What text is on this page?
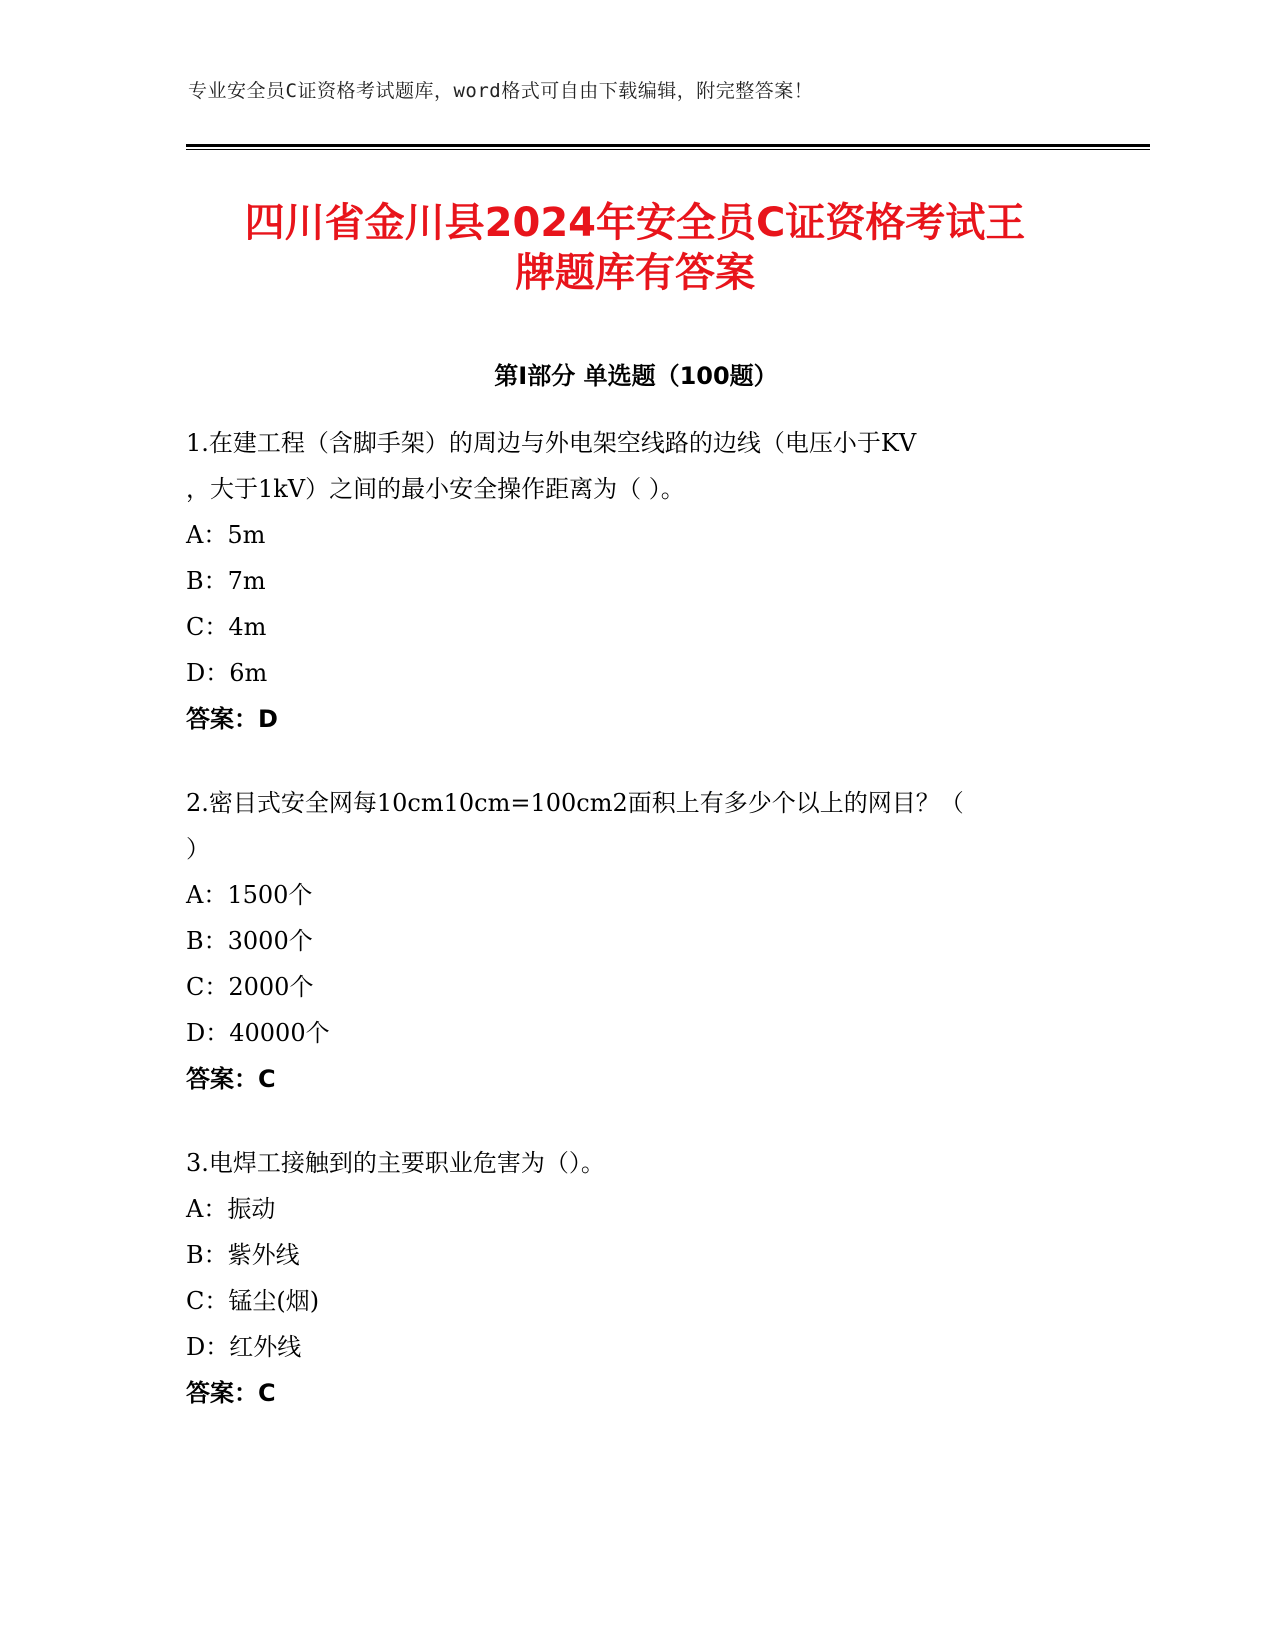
专业安全员C证资格考试题库，word格式可自由下载编辑，附完整答案！
四川省金川县2024年安全员C证资格考试王
牌题库有答案
第Ⅰ部分 单选题（100题）
1.在建工程（含脚手架）的周边与外电架空线路的边线（电压小于KV
，大于1kV）之间的最小安全操作距离为（ ）。
A：5m
B：7m
C：4m
D：6m
答案：D
2.密目式安全网每10cm10cm=100cm2面积上有多少个以上的网目？（
）
A：1500个
B：3000个
C：2000个
D：40000个
答案：C
3.电焊工接触到的主要职业危害为（）。
A：振动
B：紫外线
C：锰尘(烟)
D：红外线
答案：C
